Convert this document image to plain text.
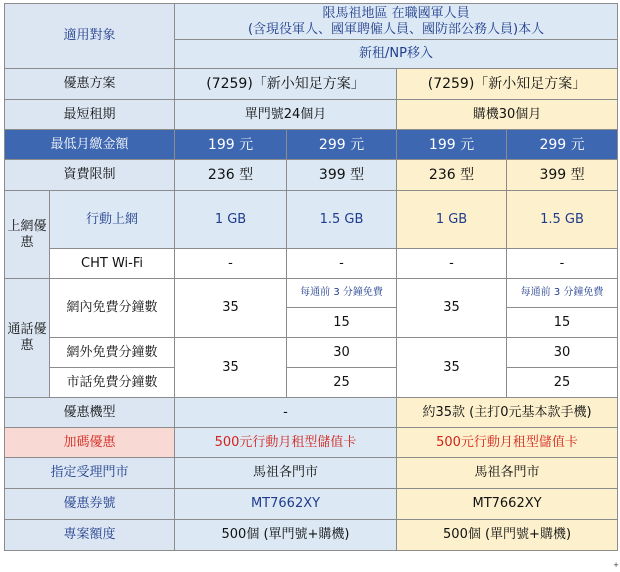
適用對象		限馬祖地區 在職國軍人員
(含現役軍人、國軍聘僱人員、國防部公務人員)本人			

		新租/NP移入			
優惠方案		(7259)「新小知足方案」		(7259)「新小知足方案」	
最短租期		單門號24個月		購機30個月	
最低月繳金額		199 元	299 元	199 元	299 元
資費限制		236 型	399 型	236 型	399 型
上網優惠	行動上網	1 GB	1.5 GB	1 GB	1.5 GB
	CHT Wi-Fi	-	-	-	-
通話優惠	網內免費分鐘數	35	每通前 3 分鐘免費	35	每通前 3 分鐘免費
			15		15
	網外免費分鐘數	35	30	35	30
	市話免費分鐘數		25		25
優惠機型		-		約35款 (主打0元基本款手機)	
加碼優惠		500元行動月租型儲值卡		500元行動月租型儲值卡	
指定受理門市		馬祖各門市		馬祖各門市	
優惠券號		MT7662XY		MT7662XY	
專案額度		500個 (單門號+購機)		500個 (單門號+購機)	
+
